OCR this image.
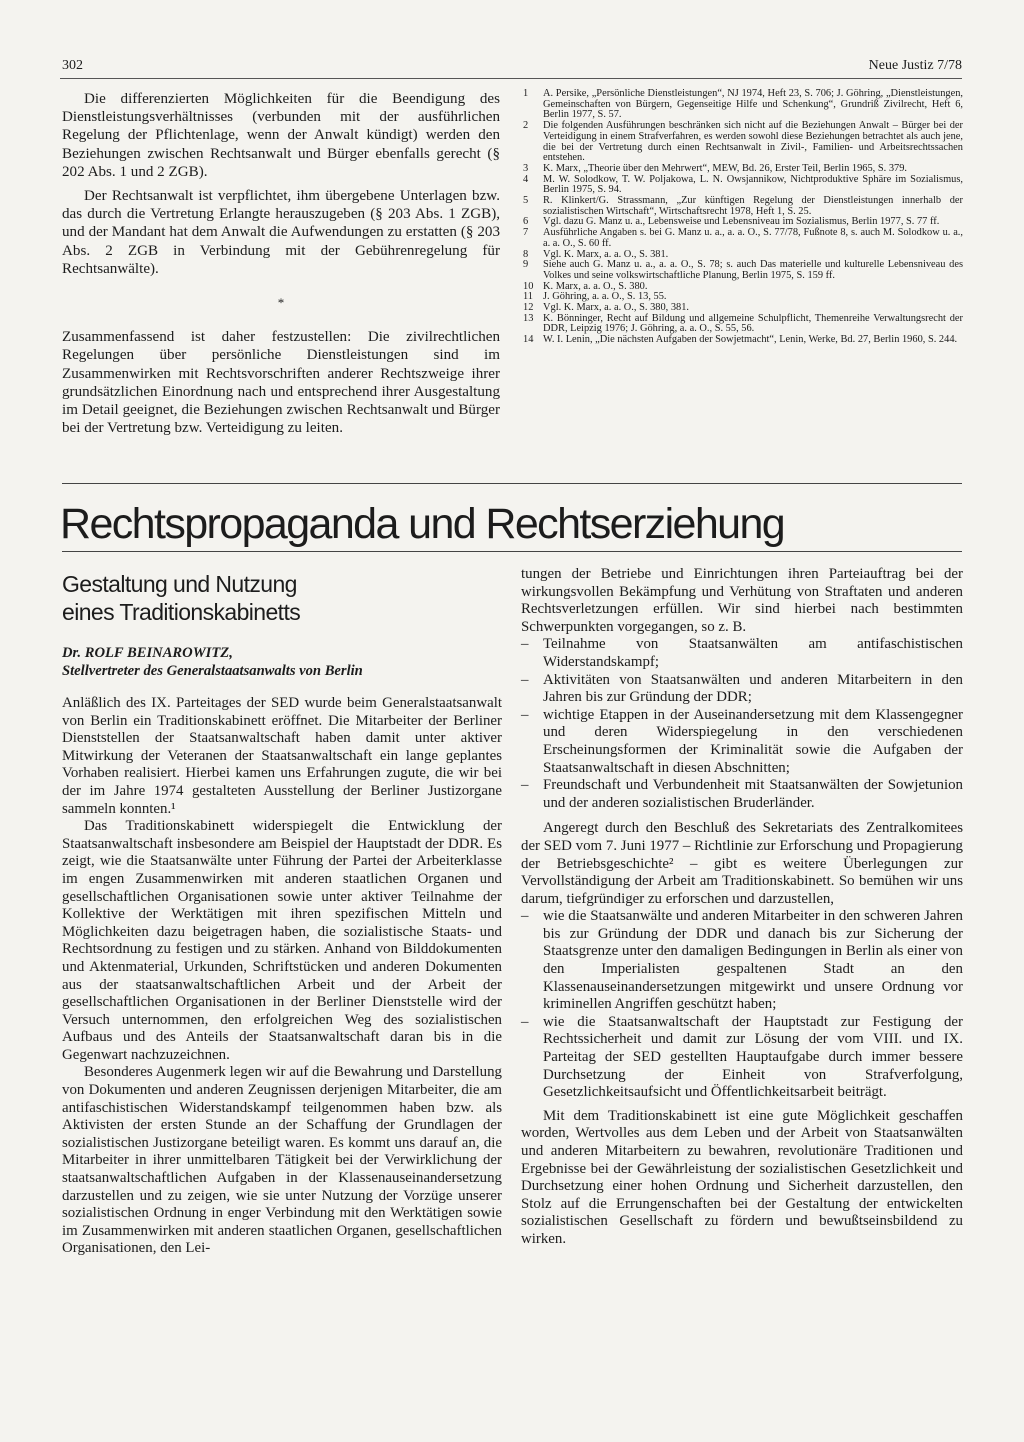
302	Neue Justiz 7/78

Die differenzierten Möglichkeiten für die Beendigung des Dienstleistungsverhältnisses (verbunden mit der ausführlichen Regelung der Pflichtenlage, wenn der Anwalt kündigt) werden den Beziehungen zwischen Rechtsanwalt und Bürger ebenfalls gerecht (§ 202 Abs. 1 und 2 ZGB).

Der Rechtsanwalt ist verpflichtet, ihm übergebene Unterlagen bzw. das durch die Vertretung Erlangte herauszugeben (§ 203 Abs. 1 ZGB), und der Mandant hat dem Anwalt die Aufwendungen zu erstatten (§ 203 Abs. 2 ZGB in Verbindung mit der Gebührenregelung für Rechtsanwälte).

*

Zusammenfassend ist daher festzustellen: Die zivilrechtlichen Regelungen über persönliche Dienstleistungen sind im Zusammenwirken mit Rechtsvorschriften anderer Rechtszweige ihrer grundsätzlichen Einordnung nach und entsprechend ihrer Ausgestaltung im Detail geeignet, die Beziehungen zwischen Rechtsanwalt und Bürger bei der Vertretung bzw. Verteidigung zu leiten.

1	A. Persike, „Persönliche Dienstleistungen“, NJ 1974, Heft 23, S. 706; J. Göhring, „Dienstleistungen, Gemeinschaften von Bürgern, Gegenseitige Hilfe und Schenkung“, Grundriß Zivilrecht, Heft 6, Berlin 1977, S. 57.
2	Die folgenden Ausführungen beschränken sich nicht auf die Beziehungen Anwalt – Bürger bei der Verteidigung in einem Strafverfahren, es werden sowohl diese Beziehungen betrachtet als auch jene, die bei der Vertretung durch einen Rechtsanwalt in Zivil-, Familien- und Arbeitsrechtssachen entstehen.
3	K. Marx, „Theorie über den Mehrwert“, MEW, Bd. 26, Erster Teil, Berlin 1965, S. 379.
4	M. W. Solodkow, T. W. Poljakowa, L. N. Owsjannikow, Nichtproduktive Sphäre im Sozialismus, Berlin 1975, S. 94.
5	R. Klinkert/G. Strassmann, „Zur künftigen Regelung der Dienstleistungen innerhalb der sozialistischen Wirtschaft“, Wirtschaftsrecht 1978, Heft 1, S. 25.
6	Vgl. dazu G. Manz u. a., Lebensweise und Lebensniveau im Sozialismus, Berlin 1977, S. 77 ff.
7	Ausführliche Angaben s. bei G. Manz u. a., a. a. O., S. 77/78, Fußnote 8, s. auch M. Solodkow u. a., a. a. O., S. 60 ff.
8	Vgl. K. Marx, a. a. O., S. 381.
9	Siehe auch G. Manz u. a., a. a. O., S. 78; s. auch Das materielle und kulturelle Lebensniveau des Volkes und seine volkswirtschaftliche Planung, Berlin 1975, S. 159 ff.
10 K. Marx, a. a. O., S. 380.
11 J. Göhring, a. a. O., S. 13, 55.
12 Vgl. K. Marx, a. a. O., S. 380, 381.
13 K. Bönninger, Recht auf Bildung und allgemeine Schulpflicht, Themenreihe Verwaltungsrecht der DDR, Leipzig 1976; J. Göhring, a. a. O., S. 55, 56.
14 W. I. Lenin, „Die nächsten Aufgaben der Sowjetmacht“, Lenin, Werke, Bd. 27, Berlin 1960, S. 244.
Rechtspropaganda und Rechtserziehung
Gestaltung und Nutzung
eines Traditionskabinetts
Dr. ROLF BEINAROWITZ,
Stellvertreter des Generalstaatsanwalts von Berlin

Anläßlich des IX. Parteitages der SED wurde beim Generalstaatsanwalt von Berlin ein Traditionskabinett eröffnet. Die Mitarbeiter der Berliner Dienststellen der Staatsanwaltschaft haben damit unter aktiver Mitwirkung der Veteranen der Staatsanwaltschaft ein lange geplantes Vorhaben realisiert. Hierbei kamen uns Erfahrungen zugute, die wir bei der im Jahre 1974 gestalteten Ausstellung der Berliner Justizorgane sammeln konnten.¹

Das Traditionskabinett widerspiegelt die Entwicklung der Staatsanwaltschaft insbesondere am Beispiel der Hauptstadt der DDR. Es zeigt, wie die Staatsanwälte unter Führung der Partei der Arbeiterklasse im engen Zusammenwirken mit anderen staatlichen Organen und gesellschaftlichen Organisationen sowie unter aktiver Teilnahme der Kollektive der Werktätigen mit ihren spezifischen Mitteln und Möglichkeiten dazu beigetragen haben, die sozialistische Staats- und Rechtsordnung zu festigen und zu stärken. Anhand von Bilddokumenten und Aktenmaterial, Urkunden, Schriftstücken und anderen Dokumenten aus der staatsanwaltschaftlichen Arbeit und der Arbeit der gesellschaftlichen Organisationen in der Berliner Dienststelle wird der Versuch unternommen, den erfolgreichen Weg des sozialistischen Aufbaus und des Anteils der Staatsanwaltschaft daran bis in die Gegenwart nachzuzeichnen.

Besonderes Augenmerk legen wir auf die Bewahrung und Darstellung von Dokumenten und anderen Zeugnissen derjenigen Mitarbeiter, die am antifaschistischen Widerstandskampf teilgenommen haben bzw. als Aktivisten der ersten Stunde an der Schaffung der Grundlagen der sozialistischen Justizorgane beteiligt waren. Es kommt uns darauf an, die Mitarbeiter in ihrer unmittelbaren Tätigkeit bei der Verwirklichung der staatsanwaltschaftlichen Aufgaben in der Klassenauseinandersetzung darzustellen und zu zeigen, wie sie unter Nutzung der Vorzüge unserer sozialistischen Ordnung in enger Verbindung mit den Werktätigen sowie im Zusammenwirken mit anderen staatlichen Organen, gesellschaftlichen Organisationen, den Lei-

tungen der Betriebe und Einrichtungen ihren Parteiauftrag bei der wirkungsvollen Bekämpfung und Verhütung von Straftaten und anderen Rechtsverletzungen erfüllen. Wir sind hierbei nach bestimmten Schwerpunkten vorgegangen, so z. B.

– Teilnahme von Staatsanwälten am antifaschistischen Widerstandskampf;
– Aktivitäten von Staatsanwälten und anderen Mitarbeitern in den Jahren bis zur Gründung der DDR;
– wichtige Etappen in der Auseinandersetzung mit dem Klassengegner und deren Widerspiegelung in den verschiedenen Erscheinungsformen der Kriminalität sowie die Aufgaben der Staatsanwaltschaft in diesen Abschnitten;
– Freundschaft und Verbundenheit mit Staatsanwälten der Sowjetunion und der anderen sozialistischen Bruderländer.

Angeregt durch den Beschluß des Sekretariats des Zentralkomitees der SED vom 7. Juni 1977 – Richtlinie zur Erforschung und Propagierung der Betriebsgeschichte² – gibt es weitere Überlegungen zur Vervollständigung der Arbeit am Traditionskabinett. So bemühen wir uns darum, tiefgründiger zu erforschen und darzustellen,

– wie die Staatsanwälte und anderen Mitarbeiter in den schweren Jahren bis zur Gründung der DDR und danach bis zur Sicherung der Staatsgrenze unter den damaligen Bedingungen in Berlin als einer von den Imperialisten gespaltenen Stadt an den Klassenauseinandersetzungen mitgewirkt und unsere Ordnung vor kriminellen Angriffen geschützt haben;
– wie die Staatsanwaltschaft der Hauptstadt zur Festigung der Rechtssicherheit und damit zur Lösung der vom VIII. und IX. Parteitag der SED gestellten Hauptaufgabe durch immer bessere Durchsetzung der Einheit von Strafverfolgung, Gesetzlichkeitsaufsicht und Öffentlichkeitsarbeit beiträgt.

Mit dem Traditionskabinett ist eine gute Möglichkeit geschaffen worden, Wertvolles aus dem Leben und der Arbeit von Staatsanwälten und anderen Mitarbeitern zu bewahren, revolutionäre Traditionen und Ergebnisse bei der Gewährleistung der sozialistischen Gesetzlichkeit und Durchsetzung einer hohen Ordnung und Sicherheit darzustellen, den Stolz auf die Errungenschaften bei der Gestaltung der entwickelten sozialistischen Gesellschaft zu fördern und bewußtseinsbildend zu wirken.
